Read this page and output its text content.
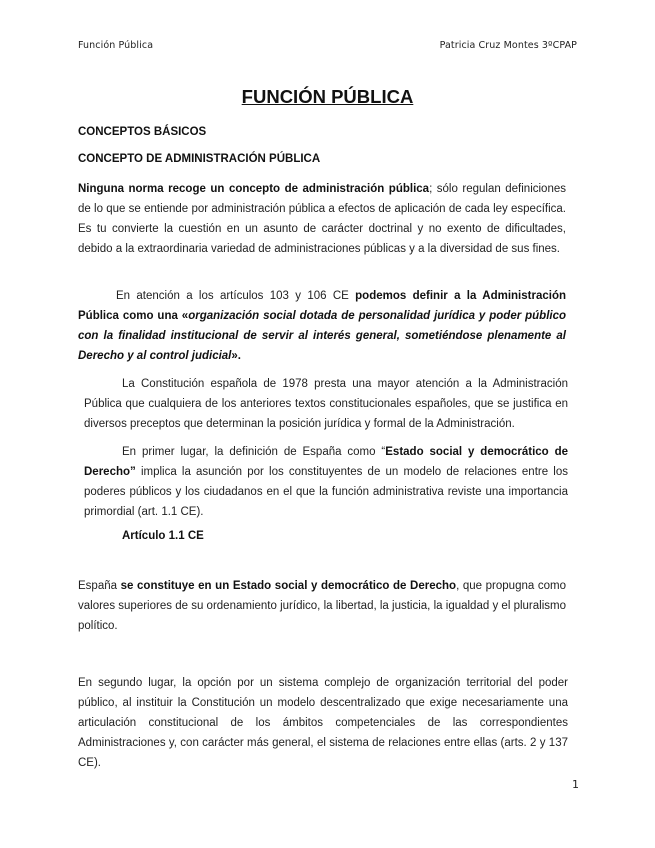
Función Pública	Patricia Cruz Montes 3ºCPAP
FUNCIÓN PÚBLICA
CONCEPTOS BÁSICOS
CONCEPTO DE ADMINISTRACIÓN PÚBLICA
Ninguna norma recoge un concepto de administración pública; sólo regulan definiciones de lo que se entiende por administración pública a efectos de aplicación de cada ley específica. Es tu convierte la cuestión en un asunto de carácter doctrinal y no exento de dificultades, debido a la extraordinaria variedad de administraciones públicas y a la diversidad de sus fines.
En atención a los artículos 103 y 106 CE podemos definir a la Administración Pública como una «organización social dotada de personalidad jurídica y poder público con la finalidad institucional de servir al interés general, sometiéndose plenamente al Derecho y al control judicial».
La Constitución española de 1978 presta una mayor atención a la Administración Pública que cualquiera de los anteriores textos constitucionales españoles, que se justifica en diversos preceptos que determinan la posición jurídica y formal de la Administración.
En primer lugar, la definición de España como “Estado social y democrático de Derecho” implica la asunción por los constituyentes de un modelo de relaciones entre los poderes públicos y los ciudadanos en el que la función administrativa reviste una importancia primordial (art. 1.1 CE).
Artículo 1.1 CE
España se constituye en un Estado social y democrático de Derecho, que propugna como valores superiores de su ordenamiento jurídico, la libertad, la justicia, la igualdad y el pluralismo político.
En segundo lugar, la opción por un sistema complejo de organización territorial del poder público, al instituir la Constitución un modelo descentralizado que exige necesariamente una articulación constitucional de los ámbitos competenciales de las correspondientes Administraciones y, con carácter más general, el sistema de relaciones entre ellas (arts. 2 y 137 CE).
1
